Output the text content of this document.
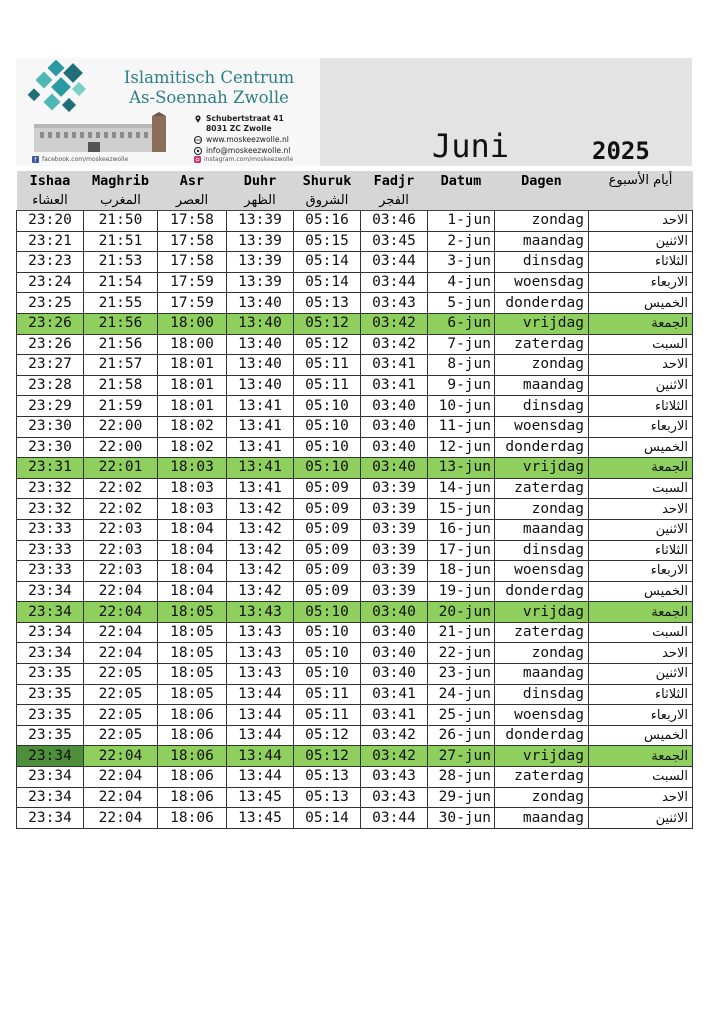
Islamitisch Centrum
As-Soennah Zwolle
Schubertstraat 41
8031 ZC Zwolle
www.moskeezwolle.nl
info@moskeezwolle.nl
f facebook.com/moskeezwolle	instagram.com/moskeezwolle	Juni	2025
Ishaa	Maghrib	Asr	Duhr	Shuruk	Fadjr	Datum	Dagen	أيام الأسبوع
العشاء	المغرب	العصر	الظهر	الشروق	الفجر			
23:20	21:50	17:58	13:39	05:16	03:46	1-jun	zondag	الاحد
23:21	21:51	17:58	13:39	05:15	03:45	2-jun	maandag	الاثنين
23:23	21:53	17:58	13:39	05:14	03:44	3-jun	dinsdag	الثلاثاء
23:24	21:54	17:59	13:39	05:14	03:44	4-jun	woensdag	الاربعاء
23:25	21:55	17:59	13:40	05:13	03:43	5-jun	donderdag	الخميس
23:26	21:56	18:00	13:40	05:12	03:42	6-jun	vrijdag	الجمعة
23:26	21:56	18:00	13:40	05:12	03:42	7-jun	zaterdag	السبت
23:27	21:57	18:01	13:40	05:11	03:41	8-jun	zondag	الاحد
23:28	21:58	18:01	13:40	05:11	03:41	9-jun	maandag	الاثنين
23:29	21:59	18:01	13:41	05:10	03:40	10-jun	dinsdag	الثلاثاء
23:30	22:00	18:02	13:41	05:10	03:40	11-jun	woensdag	الاربعاء
23:30	22:00	18:02	13:41	05:10	03:40	12-jun	donderdag	الخميس
23:31	22:01	18:03	13:41	05:10	03:40	13-jun	vrijdag	الجمعة
23:32	22:02	18:03	13:41	05:09	03:39	14-jun	zaterdag	السبت
23:32	22:02	18:03	13:42	05:09	03:39	15-jun	zondag	الاحد
23:33	22:03	18:04	13:42	05:09	03:39	16-jun	maandag	الاثنين
23:33	22:03	18:04	13:42	05:09	03:39	17-jun	dinsdag	الثلاثاء
23:33	22:03	18:04	13:42	05:09	03:39	18-jun	woensdag	الاربعاء
23:34	22:04	18:04	13:42	05:09	03:39	19-jun	donderdag	الخميس
23:34	22:04	18:05	13:43	05:10	03:40	20-jun	vrijdag	الجمعة
23:34	22:04	18:05	13:43	05:10	03:40	21-jun	zaterdag	السبت
23:34	22:04	18:05	13:43	05:10	03:40	22-jun	zondag	الاحد
23:35	22:05	18:05	13:43	05:10	03:40	23-jun	maandag	الاثنين
23:35	22:05	18:05	13:44	05:11	03:41	24-jun	dinsdag	الثلاثاء
23:35	22:05	18:06	13:44	05:11	03:41	25-jun	woensdag	الاربعاء
23:35	22:05	18:06	13:44	05:12	03:42	26-jun	donderdag	الخميس
23:34	22:04	18:06	13:44	05:12	03:42	27-jun	vrijdag	الجمعة
23:34	22:04	18:06	13:44	05:13	03:43	28-jun	zaterdag	السبت
23:34	22:04	18:06	13:45	05:13	03:43	29-jun	zondag	الاحد
23:34	22:04	18:06	13:45	05:14	03:44	30-jun	maandag	الاثنين
